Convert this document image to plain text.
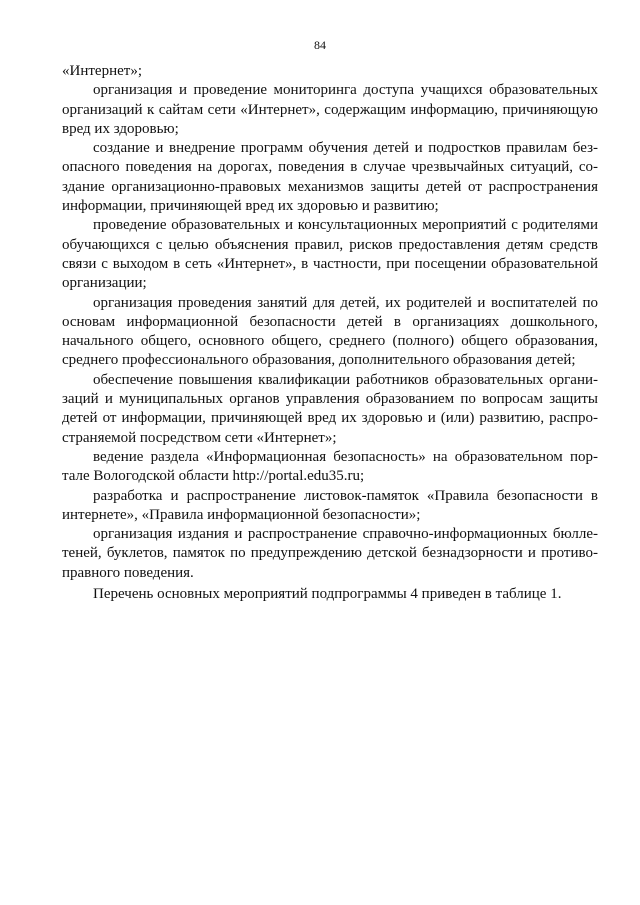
84

«Интернет»;

организация и проведение мониторинга доступа учащихся образовательных организаций к сайтам сети «Интернет», содержащим информацию, причиняющую вред их здоровью;

создание и внедрение программ обучения детей и подростков правилам безопасного поведения на дорогах, поведения в случае чрезвычайных ситуаций, создание организационно-правовых механизмов защиты детей от распространения информации, причиняющей вред их здоровью и развитию;

проведение образовательных и консультационных мероприятий с родителями обучающихся с целью объяснения правил, рисков предоставления детям средств связи с выходом в сеть «Интернет», в частности, при посещении образовательной организации;

организация проведения занятий для детей, их родителей и воспитателей по основам информационной безопасности детей в организациях дошкольного, начального общего, основного общего, среднего (полного) общего образования, среднего профессионального образования, дополнительного образования детей;

обеспечение повышения квалификации работников образовательных организаций и муниципальных органов управления образованием по вопросам защиты детей от информации, причиняющей вред их здоровью и (или) развитию, распространяемой посредством сети «Интернет»;

ведение раздела «Информационная безопасность» на образовательном портале Вологодской области http://portal.edu35.ru;

разработка и распространение листовок-памяток «Правила безопасности в интернете», «Правила информационной безопасности»;

организация издания и распространение справочно-информационных бюллетеней, буклетов, памяток по предупреждению детской безнадзорности и противоправного поведения.

Перечень основных мероприятий подпрограммы 4 приведен в таблице 1.
